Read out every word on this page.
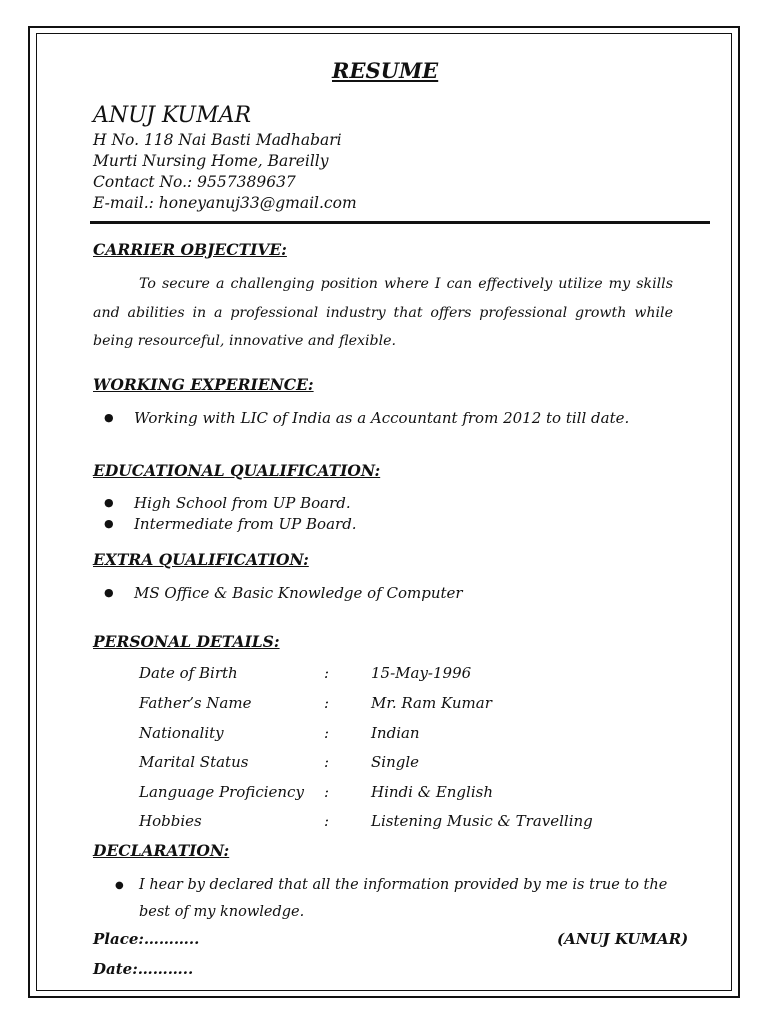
RESUME
ANUJ KUMAR
H No. 118 Nai Basti Madhabari
Murti Nursing Home, Bareilly
Contact No.: 9557389637
E-mail.: honeyanuj33@gmail.com
CARRIER OBJECTIVE:
To secure a challenging position where I can effectively utilize my skills and abilities in a professional industry that offers professional growth while being resourceful, innovative and flexible.
WORKING EXPERIENCE:
● Working with LIC of India as a Accountant from 2012 to till date.
EDUCATIONAL QUALIFICATION:
● High School from UP Board.
● Intermediate from UP Board.
EXTRA QUALIFICATION:
● MS Office & Basic Knowledge of Computer
PERSONAL DETAILS:
Date of Birth	:	15-May-1996
Father’s Name	:	Mr. Ram Kumar
Nationality	:	Indian
Marital Status	:	Single
Language Proficiency :	Hindi & English
Hobbies	:	Listening Music & Travelling
DECLARATION:
● I hear by declared that all the information provided by me is true to the best of my knowledge.
Place:………..	(ANUJ KUMAR)
Date:………..
